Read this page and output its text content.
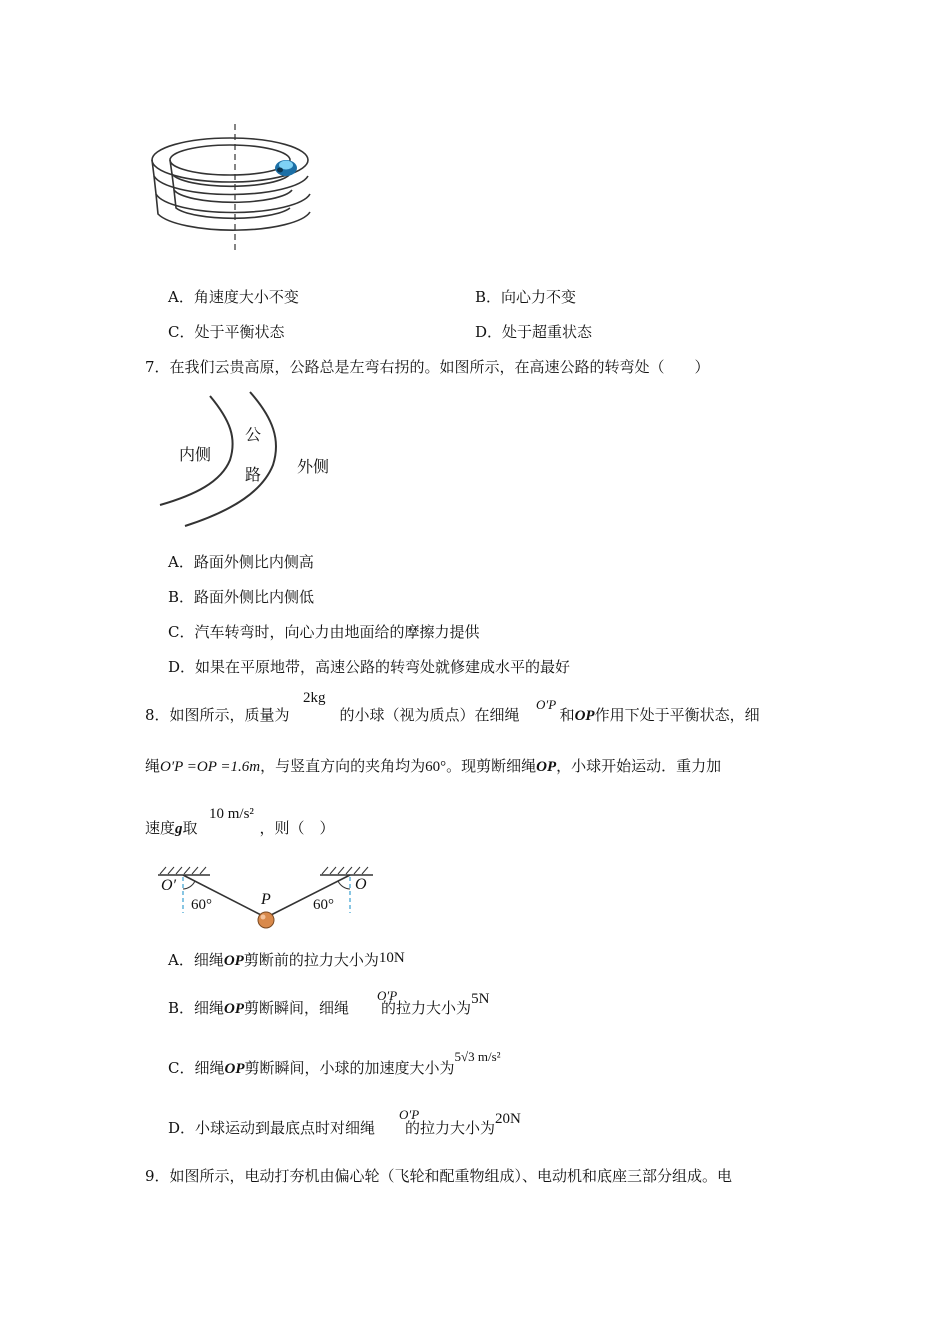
A．角速度大小不变	B．向心力不变
C．处于平衡状态	D．处于超重状态
7．在我们云贵高原，公路总是左弯右拐的。如图所示，在高速公路的转弯处（　　）
内侧
公
路 外侧
A．路面外侧比内侧高
B．路面外侧比内侧低
C．汽车转弯时，向心力由地面给的摩擦力提供
D．如果在平原地带，高速公路的转弯处就修建成水平的最好
8．如图所示，质量为	的小球（视为质点）在细绳	和OP作用下处于平衡状态，细
2kg	O′P
绳O′P =OP =1.6m，与竖直方向的夹角均为60°。现剪断细绳OP，小球开始运动．重力加
速度g取	，则（　）
10 m/s²
O′	O
P
60°	60°
A．细绳OP剪断前的拉力大小为10N
B．细绳OP剪断瞬间，细绳 的拉力大小为5N
O′P
C．细绳OP剪断瞬间，小球的加速度大小为5√3 m/s²
D．小球运动到最底点时对细绳 的拉力大小为20N
O′P
9．如图所示，电动打夯机由偏心轮（飞轮和配重物组成）、电动机和底座三部分组成。电
